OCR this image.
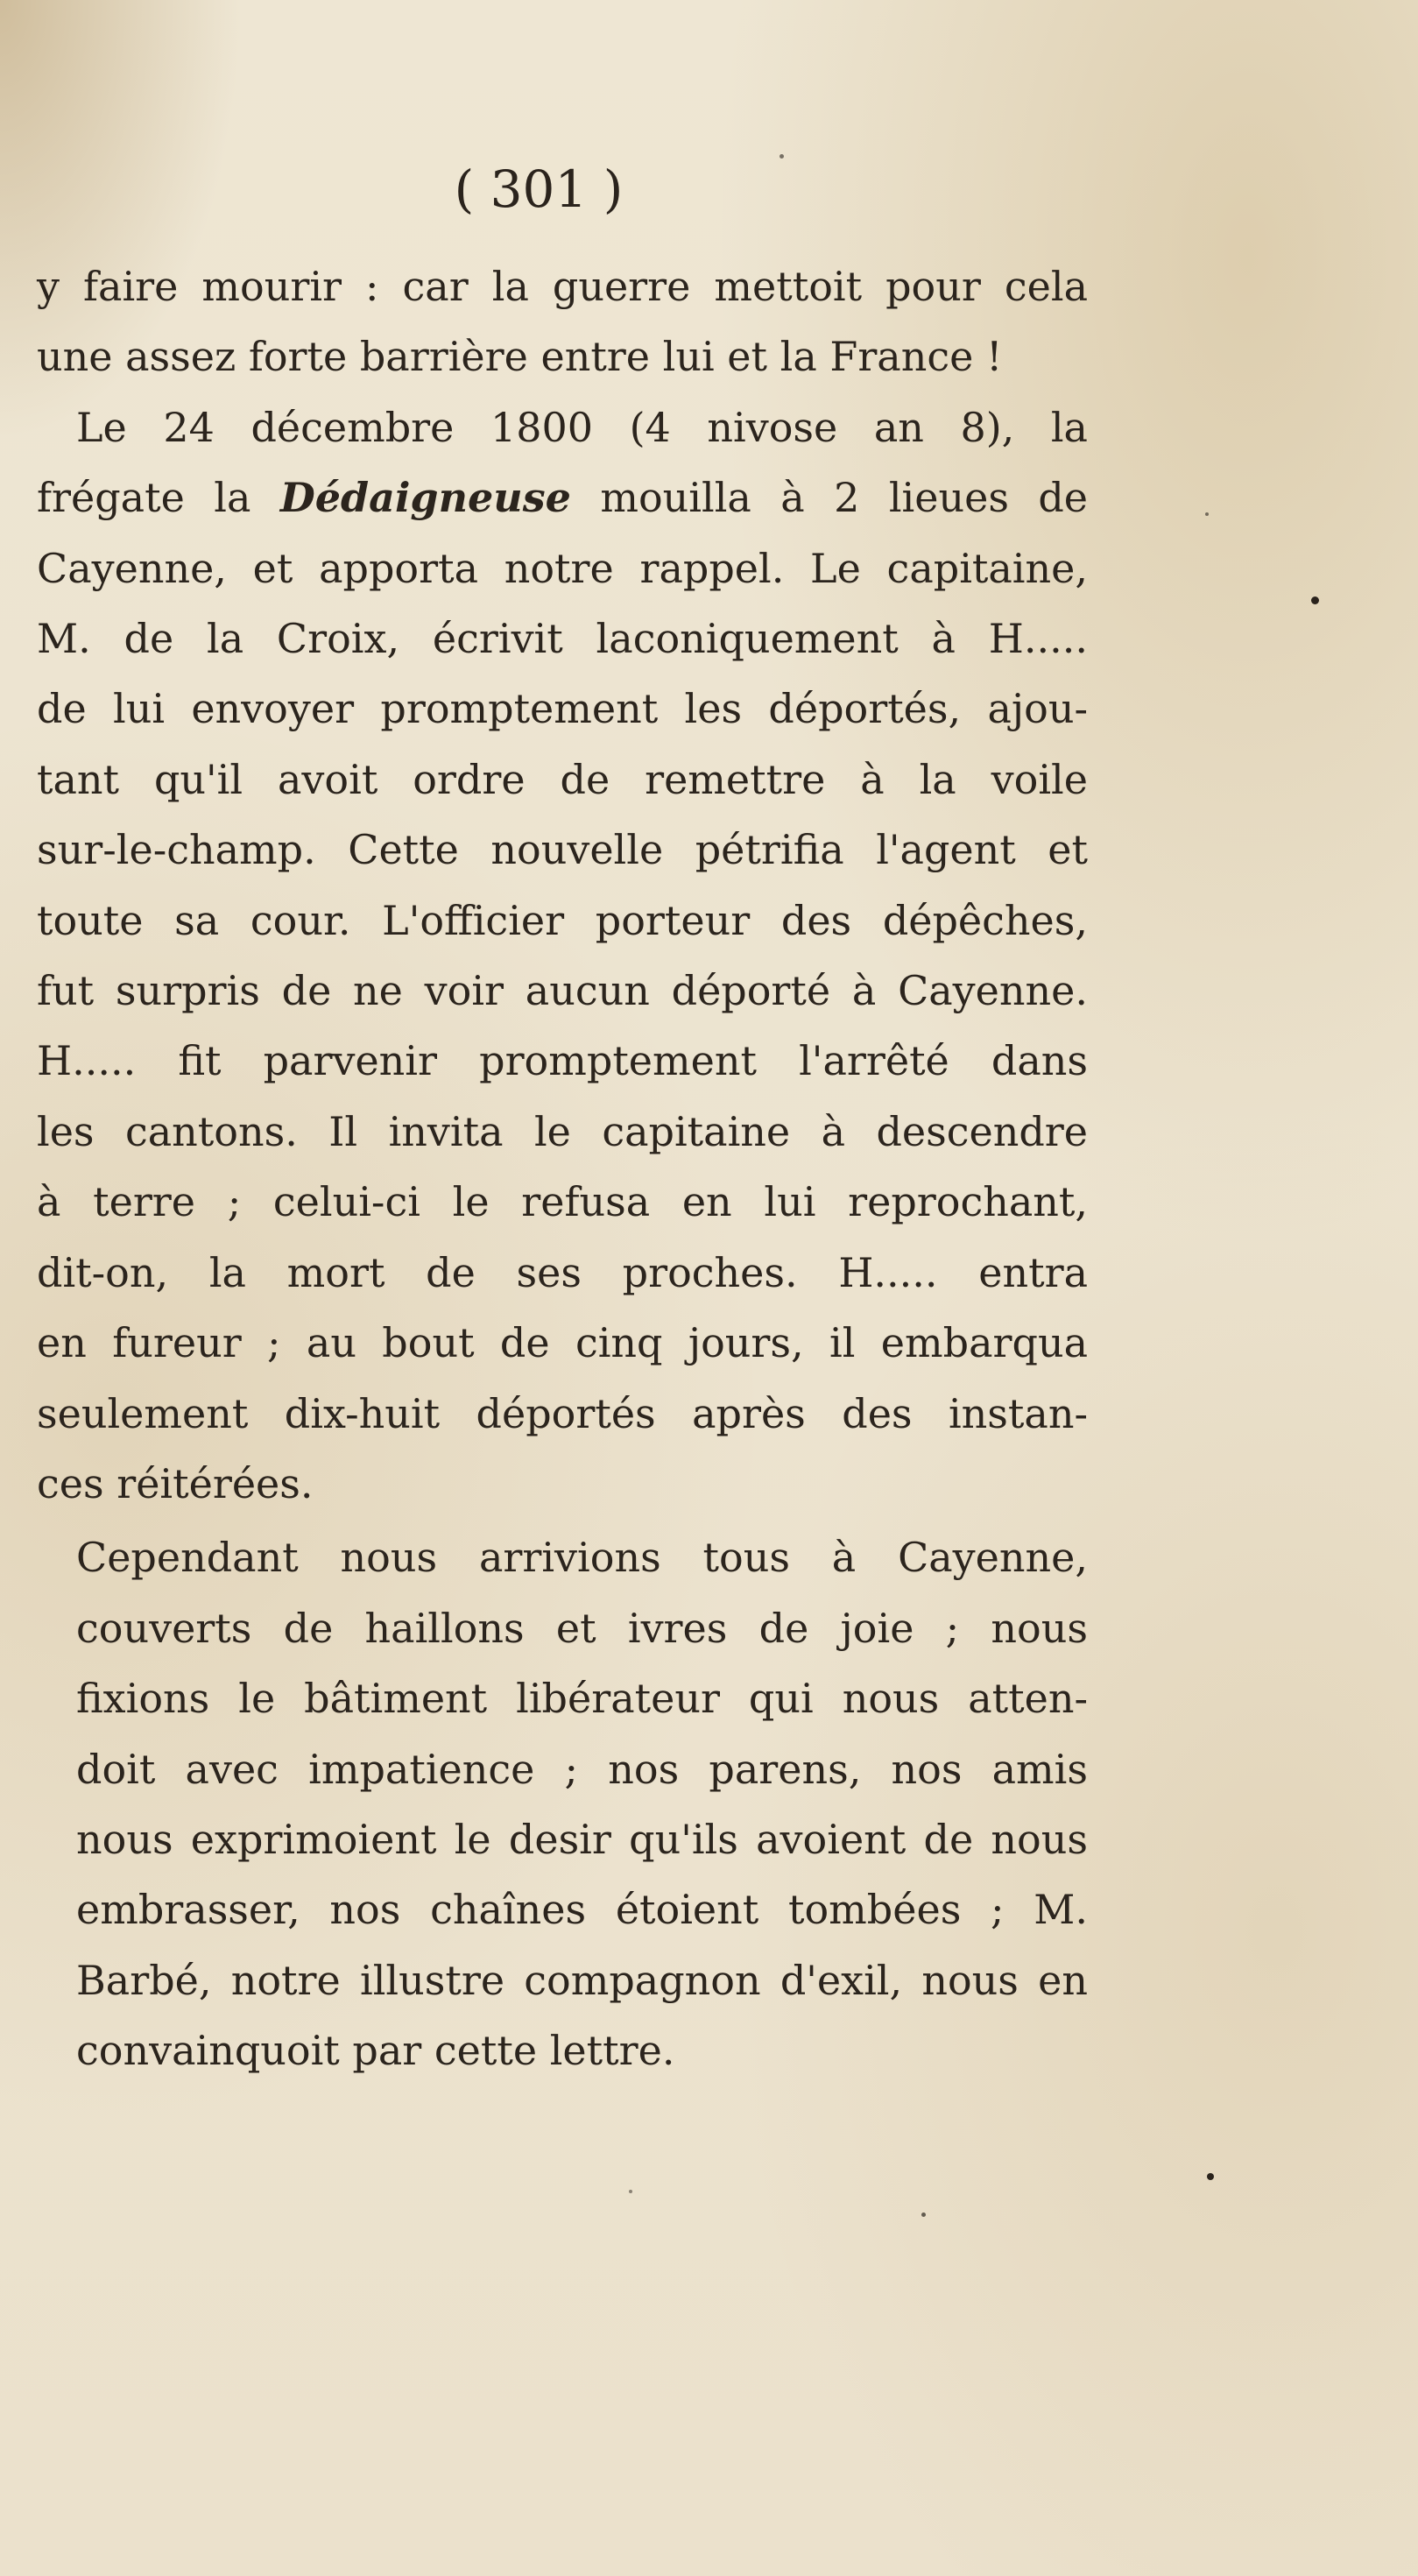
( 301 )

y faire mourir : car la guerre mettoit pour cela
une assez forte barrière entre lui et la France !
Le 24 décembre 1800 (4 nivose an 8), la
frégate la Dédaigneuse mouilla à 2 lieues de
Cayenne, et apporta notre rappel. Le capitaine,
M. de la Croix, écrivit laconiquement à H.....
de lui envoyer promptement les déportés, ajou-
tant qu'il avoit ordre de remettre à la voile
sur-le-champ. Cette nouvelle pétrifia l'agent et
toute sa cour. L'officier porteur des dépêches,
fut surpris de ne voir aucun déporté à Cayenne.
H..... fit parvenir promptement l'arrêté dans
les cantons. Il invita le capitaine à descendre
à terre ; celui-ci le refusa en lui reprochant,
dit-on, la mort de ses proches. H..... entra
en fureur ; au bout de cinq jours, il embarqua
seulement dix-huit déportés après des instan-
ces réitérées.
Cependant nous arrivions tous à Cayenne,
couverts de haillons et ivres de joie ; nous
fixions le bâtiment libérateur qui nous atten-
doit avec impatience ; nos parens, nos amis
nous exprimoient le desir qu'ils avoient de nous
embrasser, nos chaînes étoient tombées ; M.
Barbé, notre illustre compagnon d'exil, nous en
convainquoit par cette lettre.
